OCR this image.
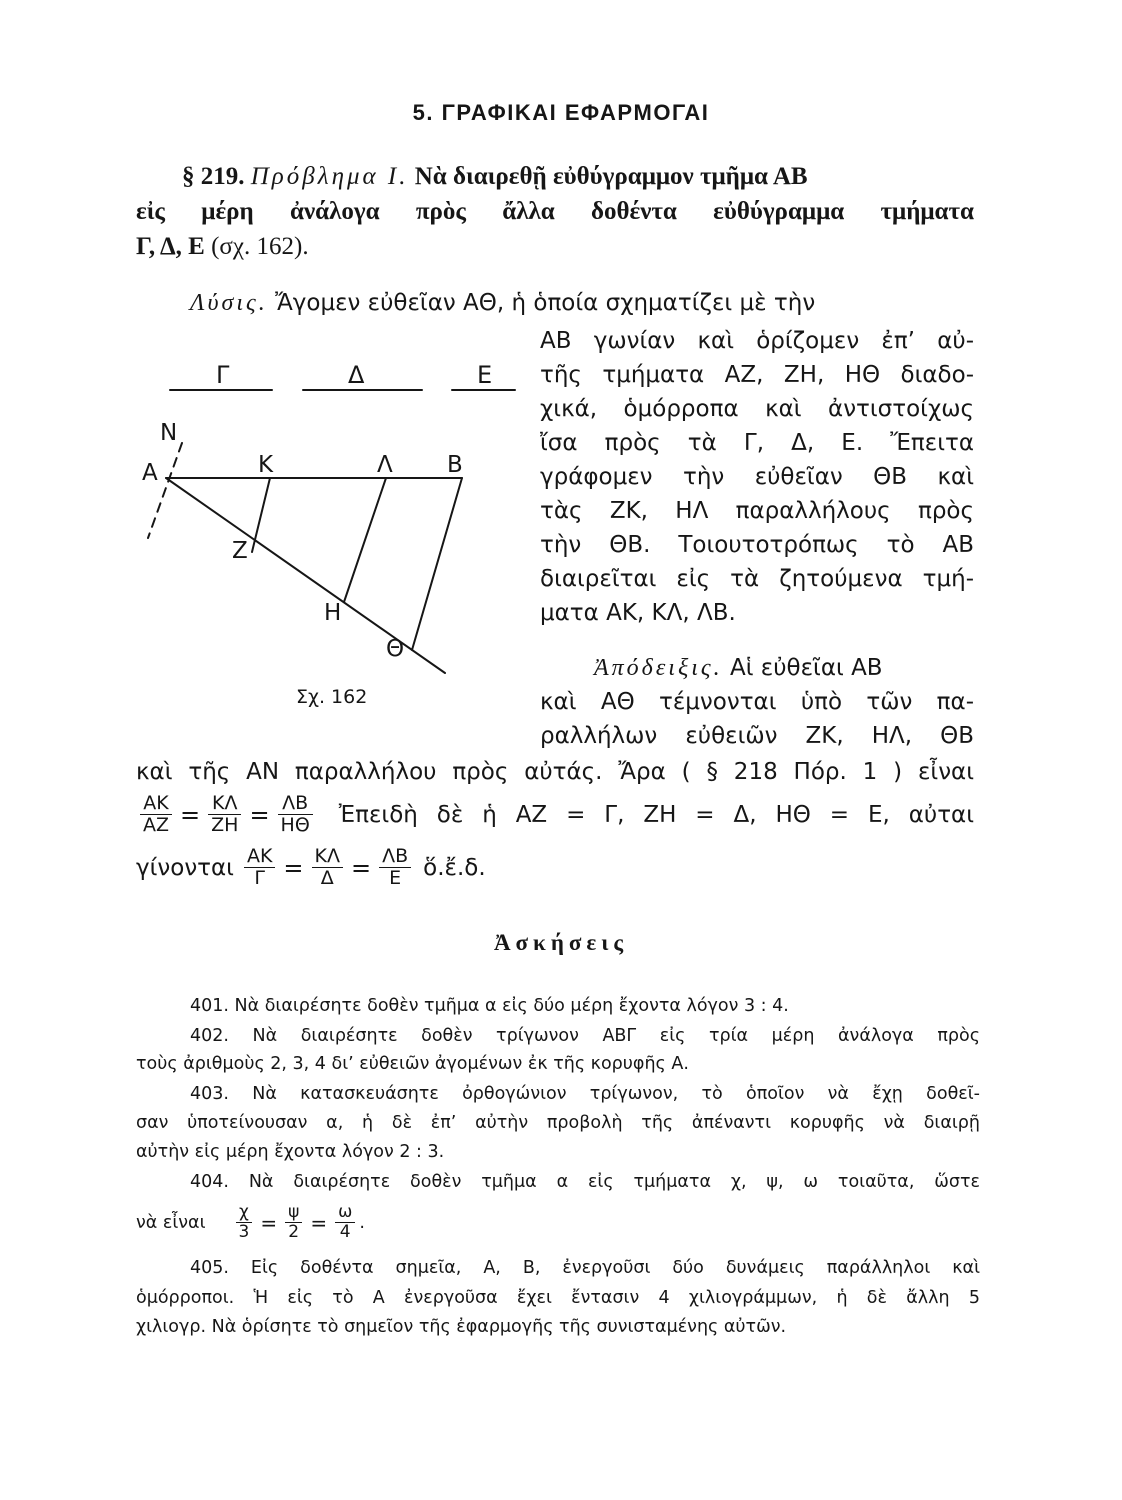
5. ΓΡΑΦΙΚΑΙ ΕΦΑΡΜΟΓΑΙ
§ 219. Πρόβλημα I. Νὰ διαιρεθῇ εὐθύγραμμον τμῆμα ΑΒ
εἰς μέρη ἀνάλογα πρὸς ἄλλα δοθέντα εὐθύγραμμα τμήματα
Γ, Δ, Ε (σχ. 162).
Λύσις. Ἄγομεν εὐθεῖαν ΑΘ, ἡ ὁποία σχηματίζει μὲ τὴν
ΑΒ γωνίαν καὶ ὁρίζομεν ἐπ’ αὐ-
τῆς τμήματα ΑΖ, ΖΗ, ΗΘ διαδο-
χικά, ὁμόρροπα καὶ ἀντιστοίχως
ἴσα πρὸς τὰ Γ, Δ, Ε. Ἔπειτα
γράφομεν τὴν εὐθεῖαν ΘΒ καὶ
τὰς ΖΚ, ΗΛ παραλλήλους πρὸς
τὴν ΘΒ. Τοιουτοτρόπως τὸ ΑΒ
διαιρεῖται εἰς τὰ ζητούμενα τμή-
ματα ΑΚ, ΚΛ, ΛΒ.
Γ	Δ	Ε
N
A	K	Λ B
Z
H
Θ
Σχ. 162
Ἀπόδειξις. Αἱ εὐθεῖαι ΑΒ
καὶ ΑΘ τέμνονται ὑπὸ τῶν πα-
ραλλήλων εὐθειῶν ΖΚ, ΗΛ, ΘΒ
καὶ τῆς ΑΝ παραλλήλου πρὸς αὐτάς. Ἄρα ( § 218 Πόρ. 1 ) εἶναι
$\frac{AK}{AZ} = \frac{K\Lambda}{ZH} = \frac{\Lambda B}{H\Theta}$ Ἐπειδὴ δὲ ἡ ΑΖ = Γ, ΖΗ = Δ, ΗΘ = Ε, αὐται
γίνονται $\frac{AK}{\Gamma} = \frac{K\Lambda}{\Delta} = \frac{\Lambda B}{E}$ ὅ.ἔ.δ.
Ἀσκήσεις
401. Νὰ διαιρέσητε δοθὲν τμῆμα α εἰς δύο μέρη ἔχοντα λόγον 3 : 4.
402. Νὰ διαιρέσητε δοθὲν τρίγωνον ΑΒΓ εἰς τρία μέρη ἀνάλογα πρὸς
τοὺς ἀριθμοὺς 2, 3, 4 δι’ εὐθειῶν ἀγομένων ἐκ τῆς κορυφῆς Α.
403. Νὰ κατασκευάσητε ὀρθογώνιον τρίγωνον, τὸ ὁποῖον νὰ ἔχῃ δοθεῖ-
σαν ὑποτείνουσαν α, ἡ δὲ ἐπ’ αὐτὴν προβολὴ τῆς ἀπέναντι κορυφῆς νὰ διαιρῇ
αὐτὴν εἰς μέρη ἔχοντα λόγον 2 : 3.
404. Νὰ διαιρέσητε δοθὲν τμῆμα α εἰς τμήματα χ, ψ, ω τοιαῦτα, ὥστε
νὰ εἶναι $\frac{\chi}{3} = \frac{\psi}{2} = \frac{\omega}{4}$ .
405. Εἰς δοθέντα σημεῖα, Α, Β, ἐνεργοῦσι δύο δυνάμεις παράλληλοι καὶ
ὁμόρροποι. Ἡ εἰς τὸ Α ἐνεργοῦσα ἔχει ἔντασιν 4 χιλιογράμμων, ἡ δὲ ἄλλη 5
χιλιογρ. Νὰ ὁρίσητε τὸ σημεῖον τῆς ἐφαρμογῆς τῆς συνισταμένης αὐτῶν.
